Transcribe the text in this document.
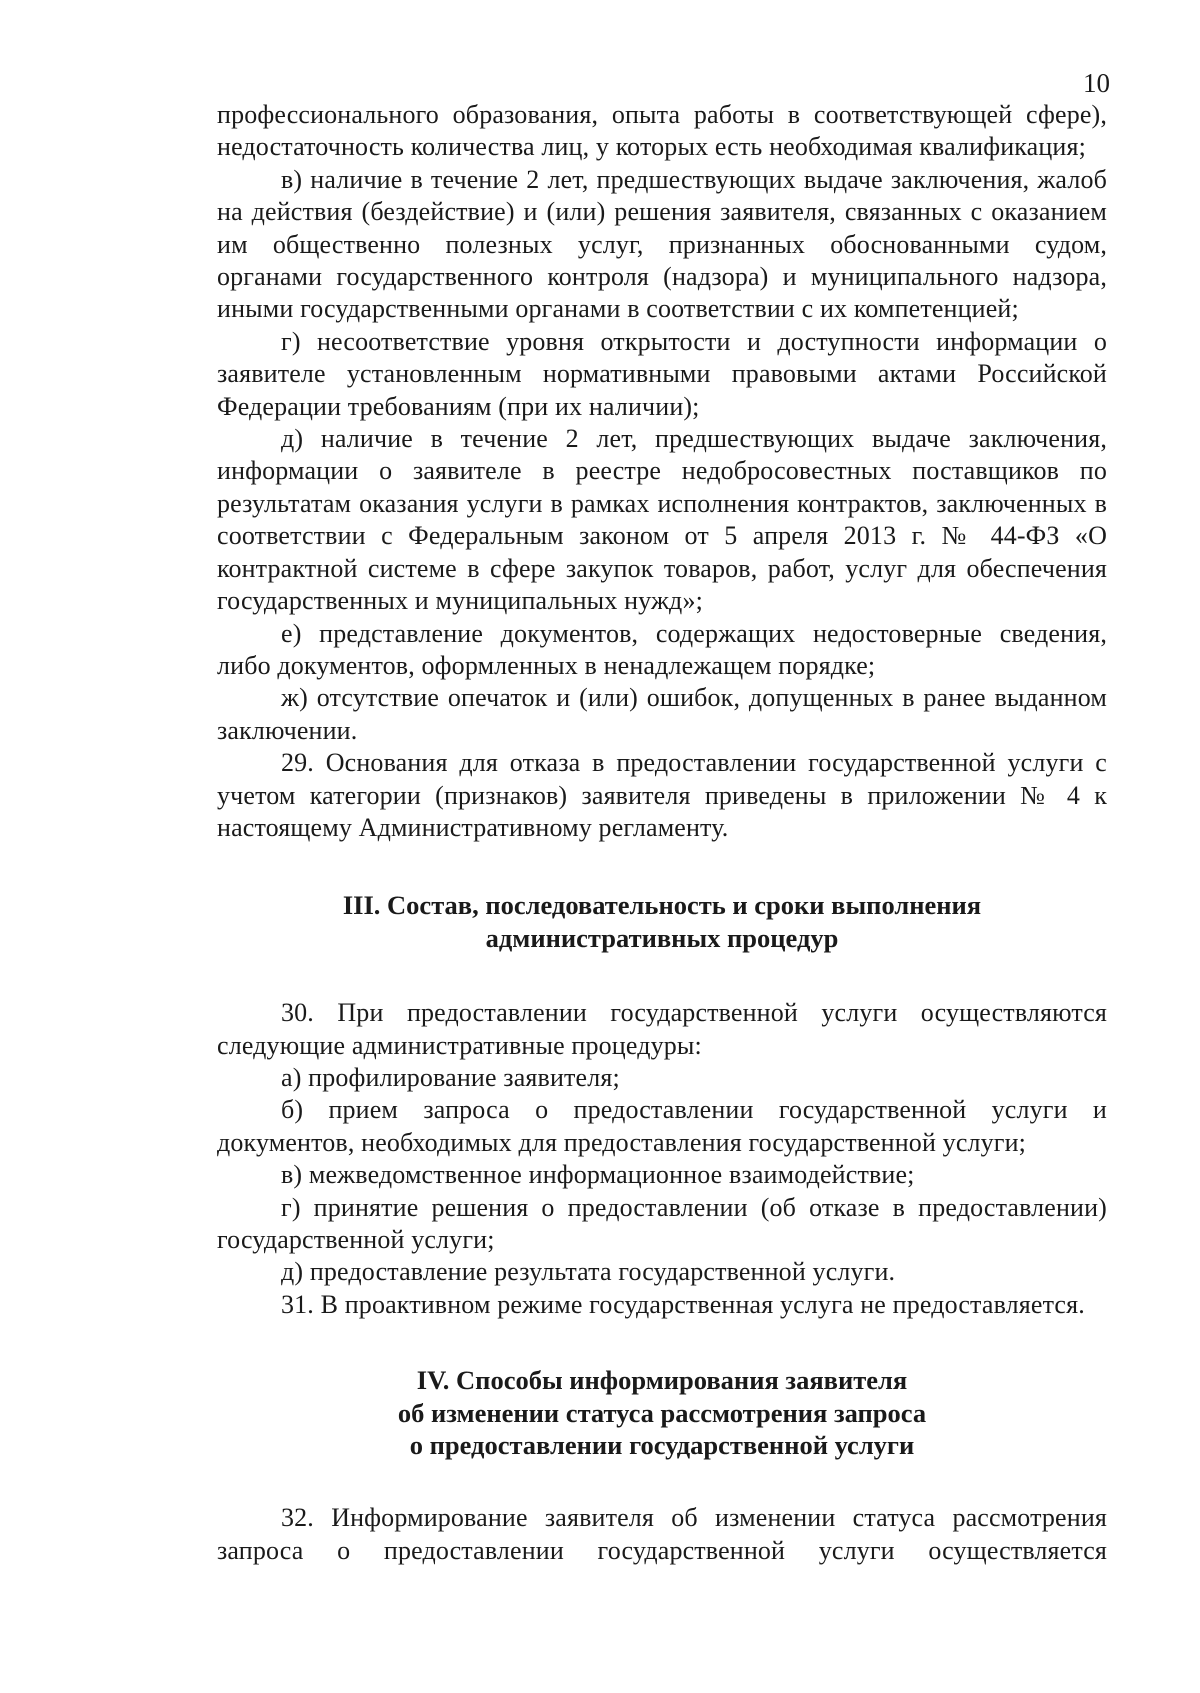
10

профессионального образования, опыта работы в соответствующей сфере), недостаточность количества лиц, у которых есть необходимая квалификация;

в) наличие в течение 2 лет, предшествующих выдаче заключения, жалоб на действия (бездействие) и (или) решения заявителя, связанных с оказанием им общественно полезных услуг, признанных обоснованными судом, органами государственного контроля (надзора) и муниципального надзора, иными государственными органами в соответствии с их компетенцией;

г) несоответствие уровня открытости и доступности информации о заявителе установленным нормативными правовыми актами Российской Федерации требованиям (при их наличии);

д) наличие в течение 2 лет, предшествующих выдаче заключения, информации о заявителе в реестре недобросовестных поставщиков по результатам оказания услуги в рамках исполнения контрактов, заключенных в соответствии с Федеральным законом от 5 апреля 2013 г. № 44-ФЗ «О контрактной системе в сфере закупок товаров, работ, услуг для обеспечения государственных и муниципальных нужд»;

е) представление документов, содержащих недостоверные сведения, либо документов, оформленных в ненадлежащем порядке;

ж) отсутствие опечаток и (или) ошибок, допущенных в ранее выданном заключении.

29. Основания для отказа в предоставлении государственной услуги с учетом категории (признаков) заявителя приведены в приложении № 4 к настоящему Административному регламенту.

III. Состав, последовательность и сроки выполнения
административных процедур

30. При предоставлении государственной услуги осуществляются следующие административные процедуры:

а) профилирование заявителя;

б) прием запроса о предоставлении государственной услуги и документов, необходимых для предоставления государственной услуги;

в) межведомственное информационное взаимодействие;

г) принятие решения о предоставлении (об отказе в предоставлении) государственной услуги;

д) предоставление результата государственной услуги.

31. В проактивном режиме государственная услуга не предоставляется.

IV. Способы информирования заявителя
об изменении статуса рассмотрения запроса
о предоставлении государственной услуги

32. Информирование заявителя об изменении статуса рассмотрения запроса о предоставлении государственной услуги осуществляется
